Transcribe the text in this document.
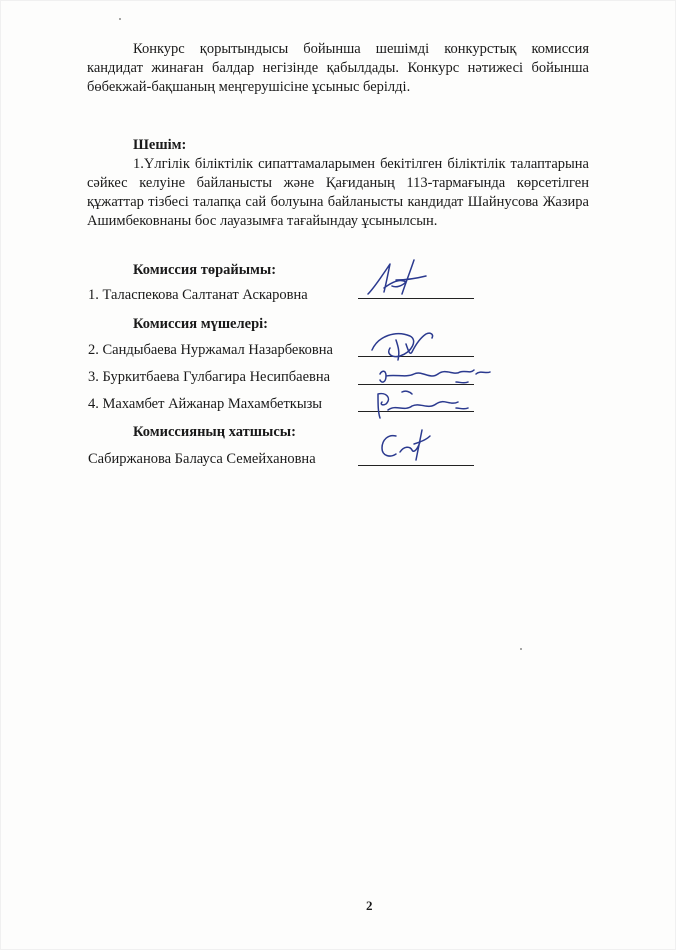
Конкурс қорытындысы бойынша шешімді конкурстық комиссия кандидат жинаған балдар негізінде қабылдады. Конкурс нәтижесі бойынша бөбекжай-бақшаның меңгерушісіне ұсыныс берілді.

Шешім:

1.Үлгілік біліктілік сипаттамаларымен бекітілген біліктілік талаптарына сәйкес келуіне байланысты және Қағиданың 113-тармағында көрсетілген құжаттар тізбесі талапқа сай болуына байланысты кандидат Шайнусова Жазира Ашимбековнаны бос лауазымға тағайындау ұсынылсын.

Комиссия төрайымы:
1. Таласпекова Салтанат Аскаровна
Комиссия мүшелері:
2. Сандыбаева Нуржамал Назарбековна
3. Буркитбаева Гулбагира Несипбаевна
4. Махамбет Айжанар Махамбеткызы
Комиссияның хатшысы:
Сабиржанова Балауса Семейхановна
2
